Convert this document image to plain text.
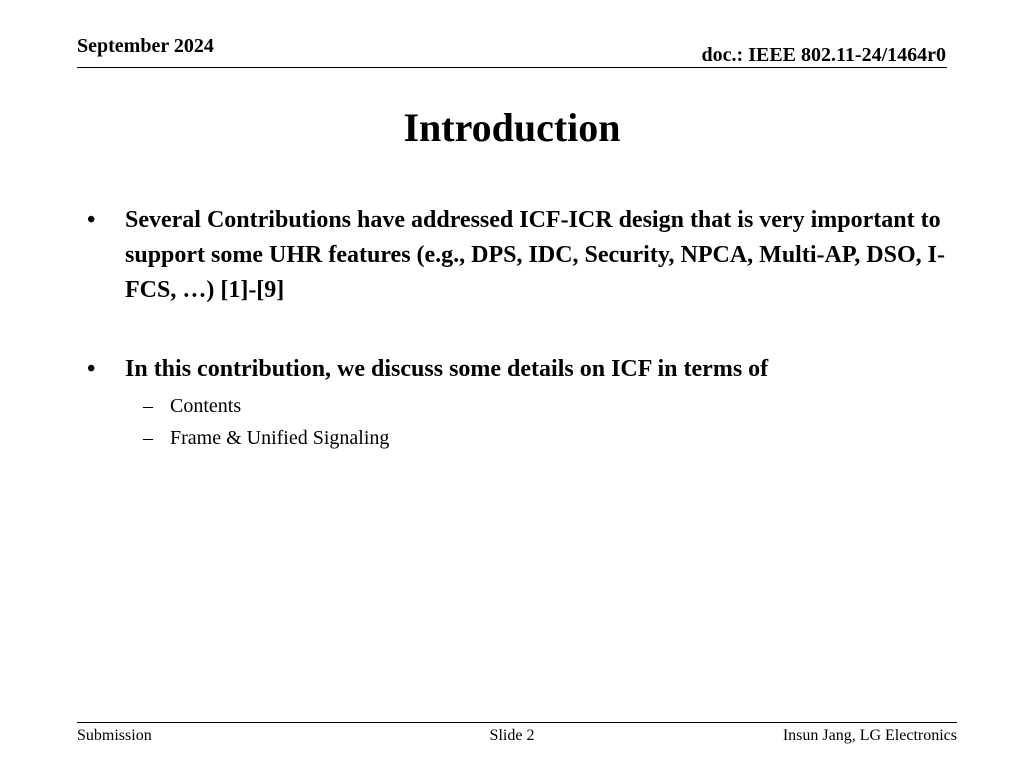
September 2024	doc.: IEEE 802.11-24/1464r0
Introduction
• Several Contributions have addressed ICF-ICR design that is very important to support some UHR features (e.g., DPS, IDC, Security, NPCA, Multi-AP, DSO, I-FCS, …) [1]-[9]
• In this contribution, we discuss some details on ICF in terms of
– Contents
– Frame & Unified Signaling
Submission	Slide 2	Insun Jang, LG Electronics
